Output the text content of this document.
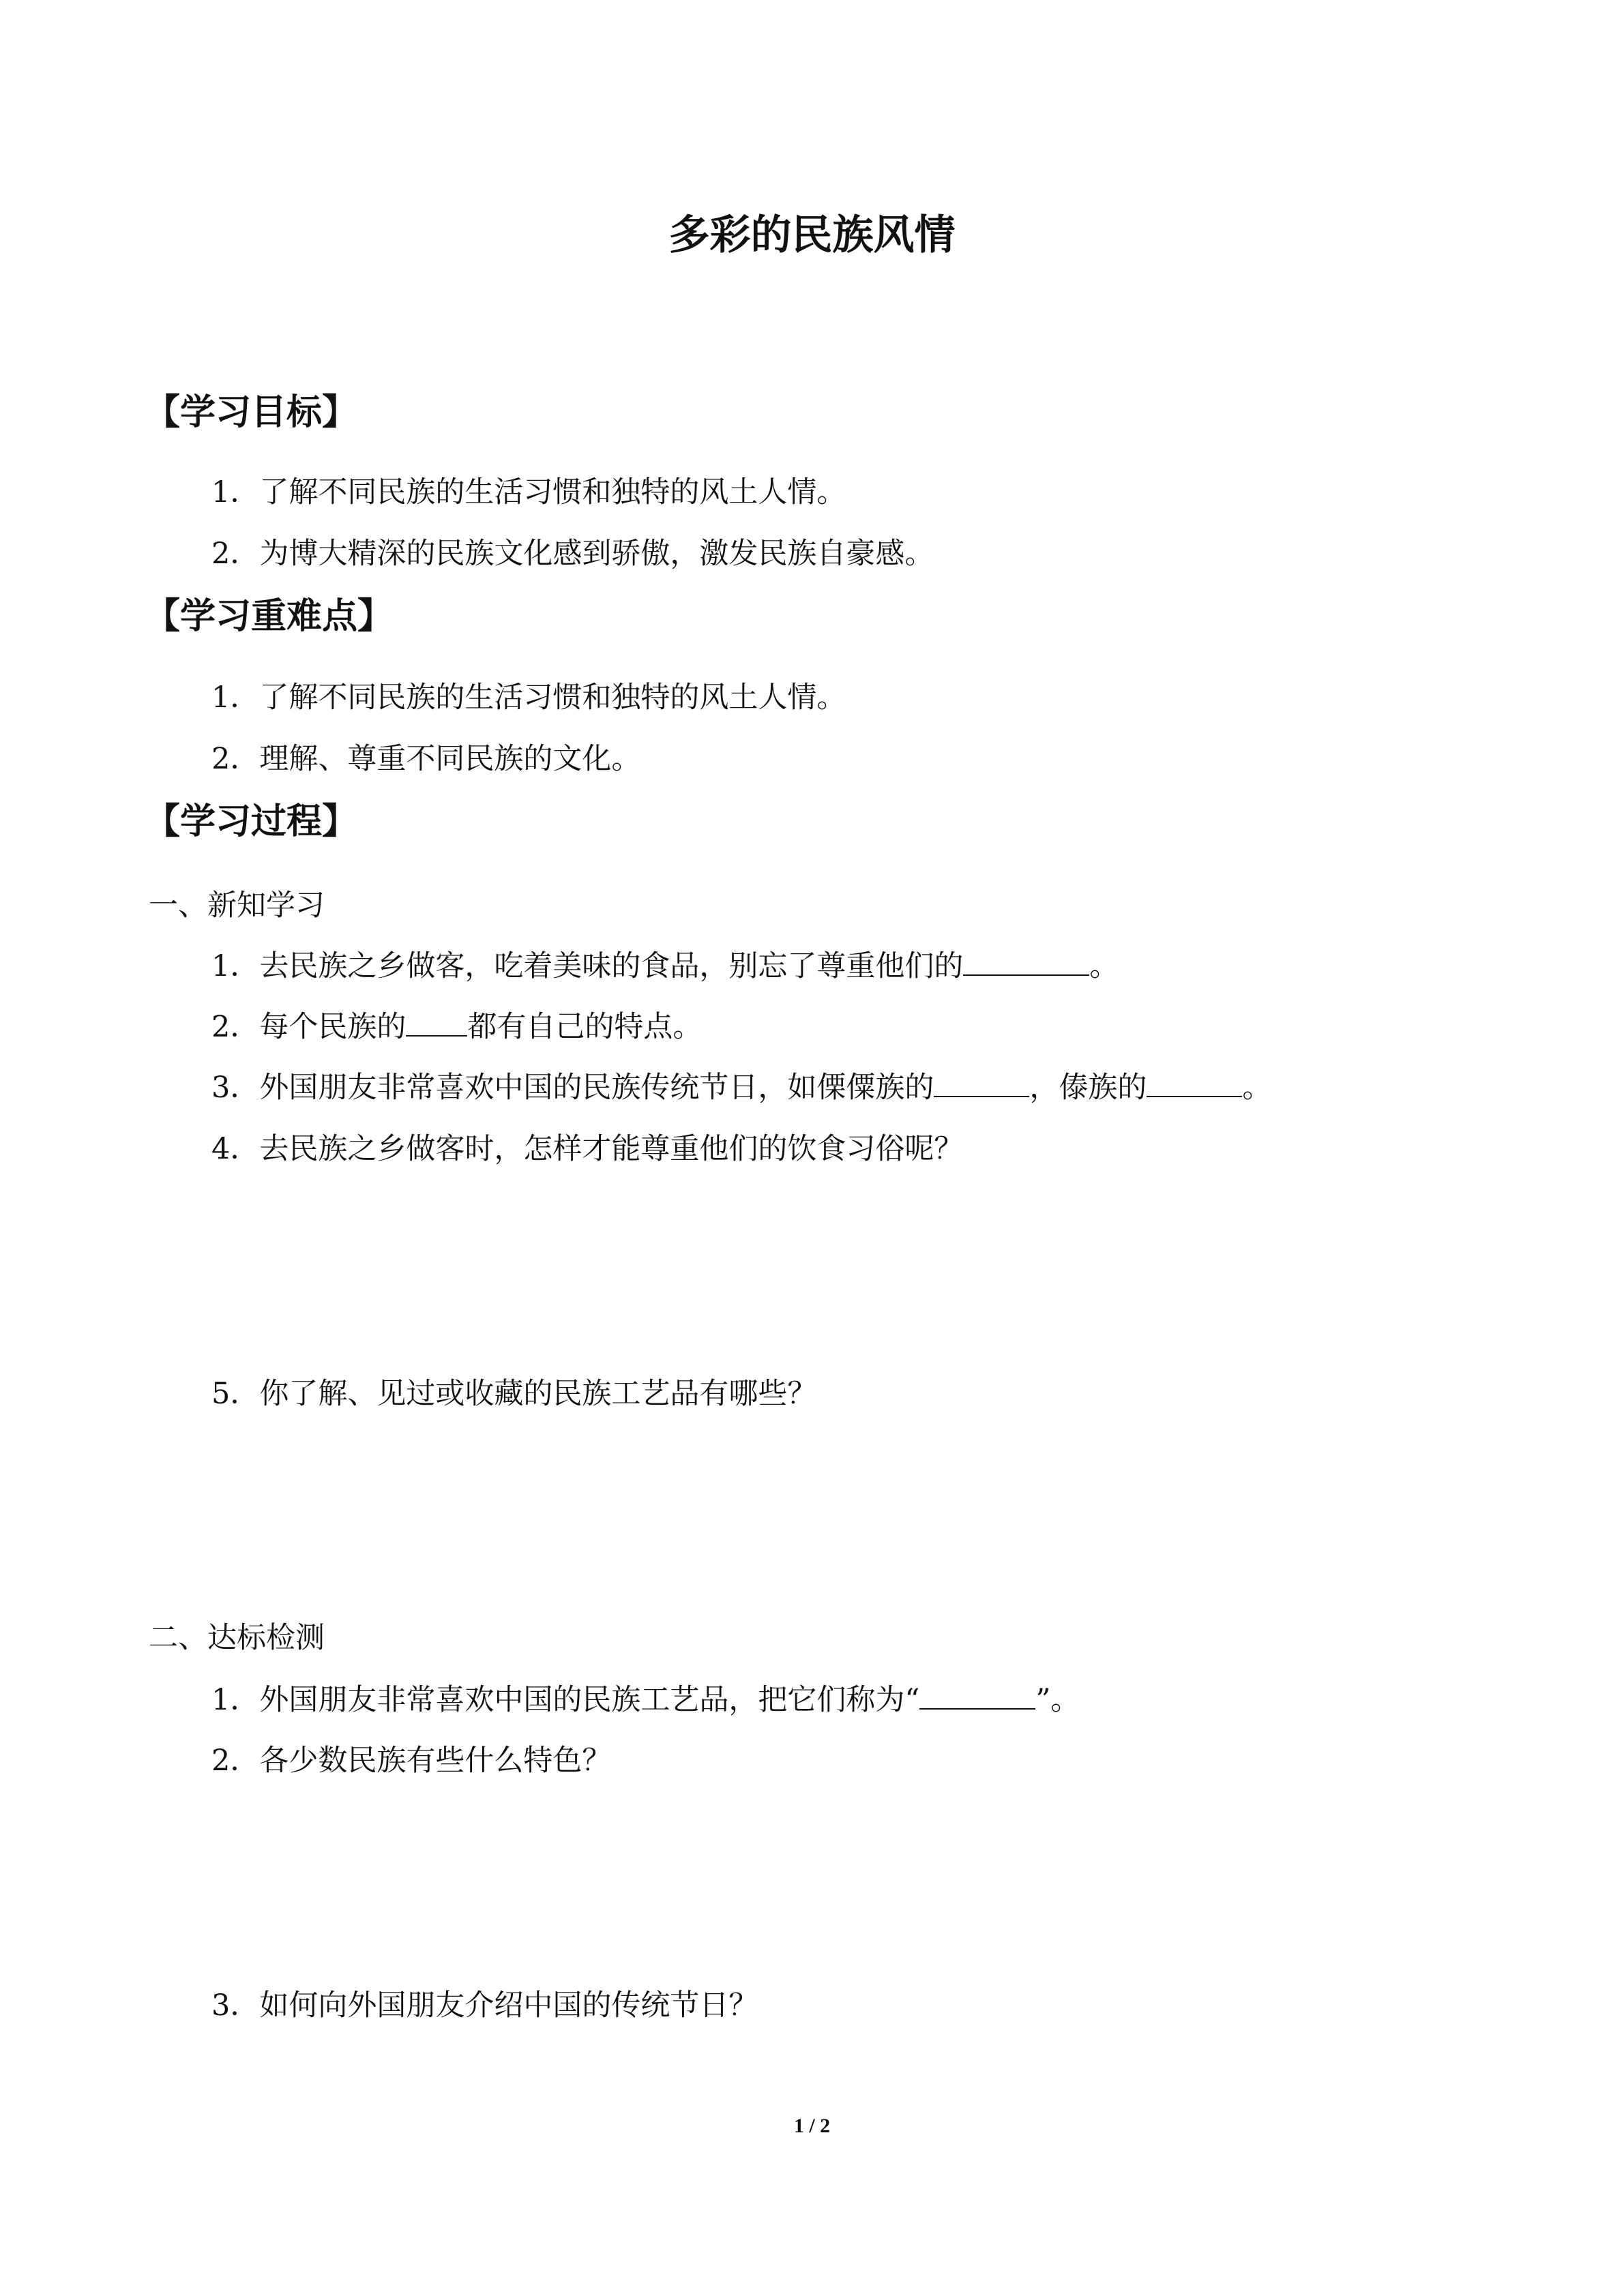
多彩的民族风情
【学习目标】
1．了解不同民族的生活习惯和独特的风土人情。
2．为博大精深的民族文化感到骄傲，激发民族自豪感。
【学习重难点】
1．了解不同民族的生活习惯和独特的风土人情。
2．理解、尊重不同民族的文化。
【学习过程】
一、新知学习
1．去民族之乡做客，吃着美味的食品，别忘了尊重他们的	。
2．每个民族的 都有自己的特点。
3．外国朋友非常喜欢中国的民族传统节日，如傈僳族的	，傣族的	。
4．去民族之乡做客时，怎样才能尊重他们的饮食习俗呢？
5．你了解、见过或收藏的民族工艺品有哪些？
二、达标检测
1．外国朋友非常喜欢中国的民族工艺品，把它们称为“	”。
2．各少数民族有些什么特色？
3．如何向外国朋友介绍中国的传统节日？
1 / 2
